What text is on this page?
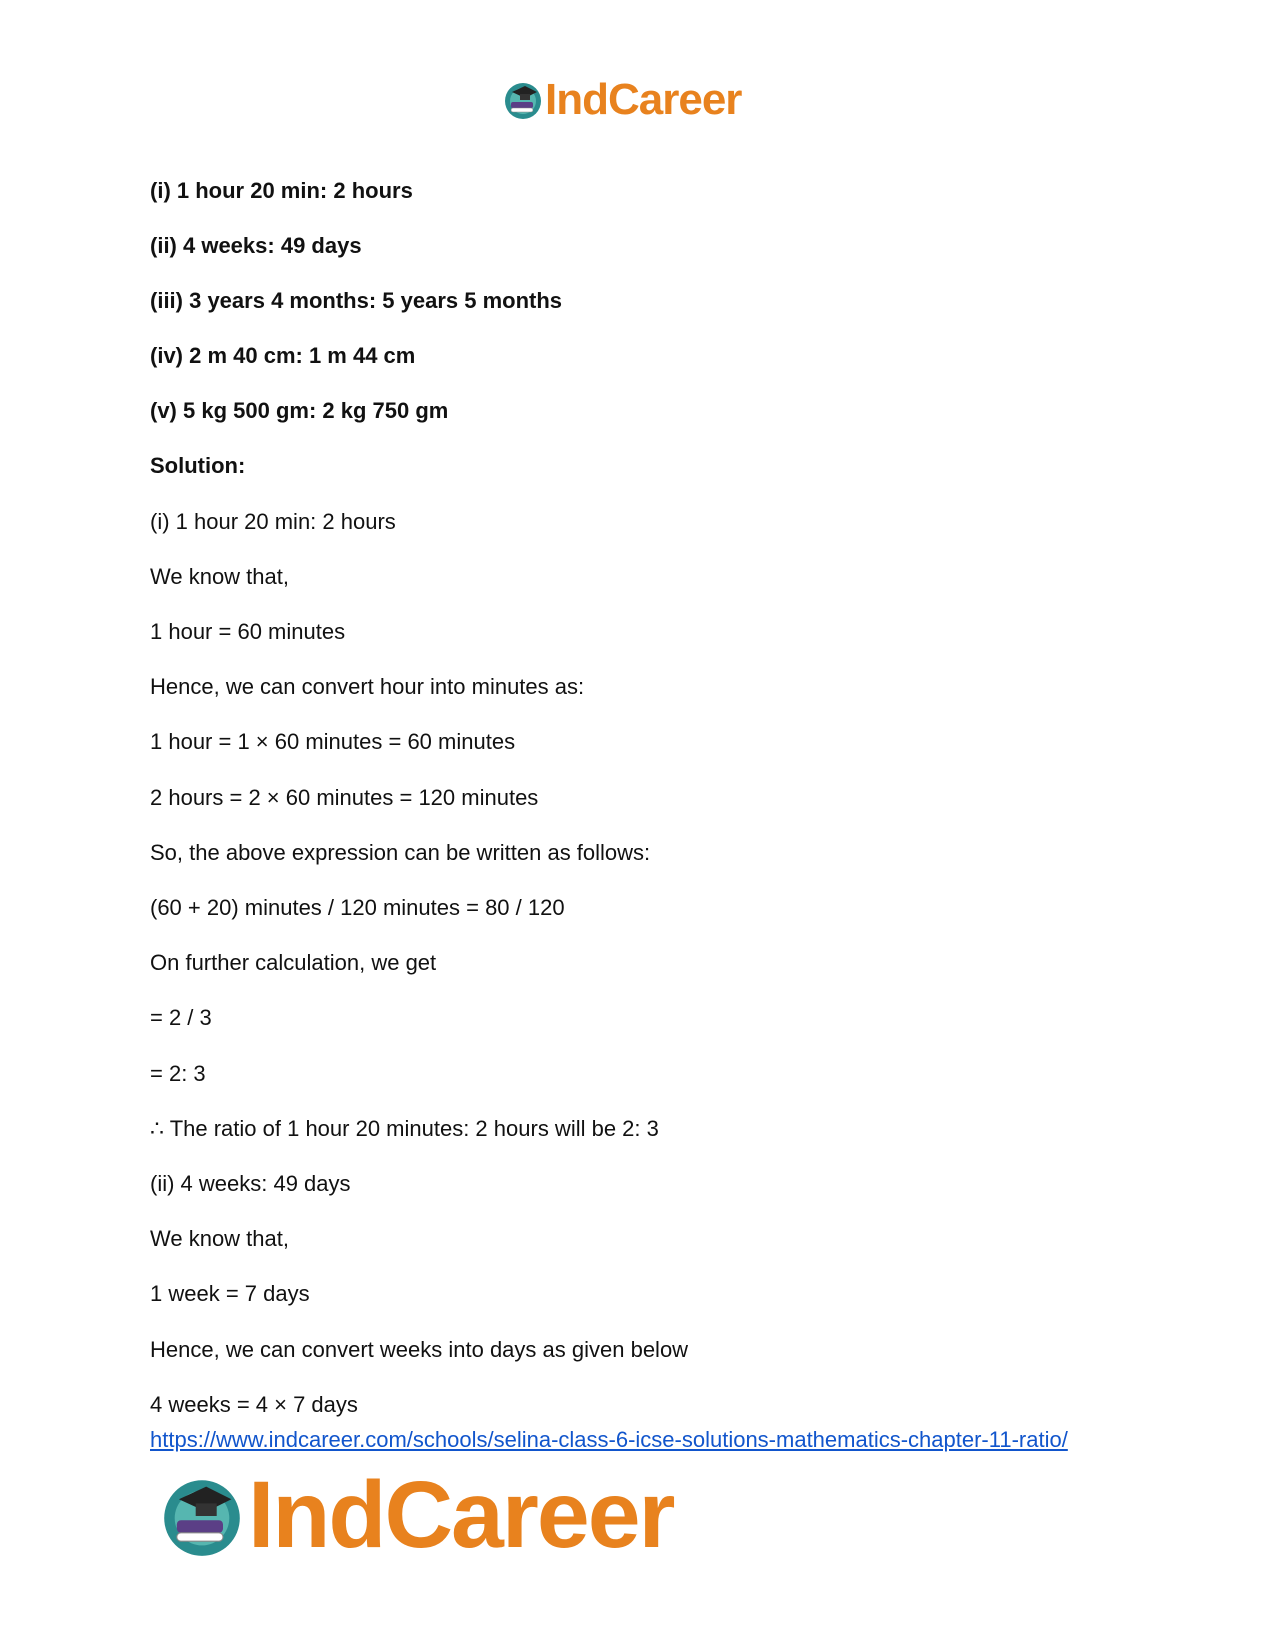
IndCareer
(i) 1 hour 20 min: 2 hours
(ii) 4 weeks: 49 days
(iii) 3 years 4 months: 5 years 5 months
(iv) 2 m 40 cm: 1 m 44 cm
(v) 5 kg 500 gm: 2 kg 750 gm
Solution:
(i) 1 hour 20 min: 2 hours
We know that,
1 hour = 60 minutes
Hence, we can convert hour into minutes as:
1 hour = 1 × 60 minutes = 60 minutes
2 hours = 2 × 60 minutes = 120 minutes
So, the above expression can be written as follows:
(60 + 20) minutes / 120 minutes = 80 / 120
On further calculation, we get
= 2 / 3
= 2: 3
∴ The ratio of 1 hour 20 minutes: 2 hours will be 2: 3
(ii) 4 weeks: 49 days
We know that,
1 week = 7 days
Hence, we can convert weeks into days as given below
4 weeks = 4 × 7 days
https://www.indcareer.com/schools/selina-class-6-icse-solutions-mathematics-chapter-11-ratio/
IndCareer
